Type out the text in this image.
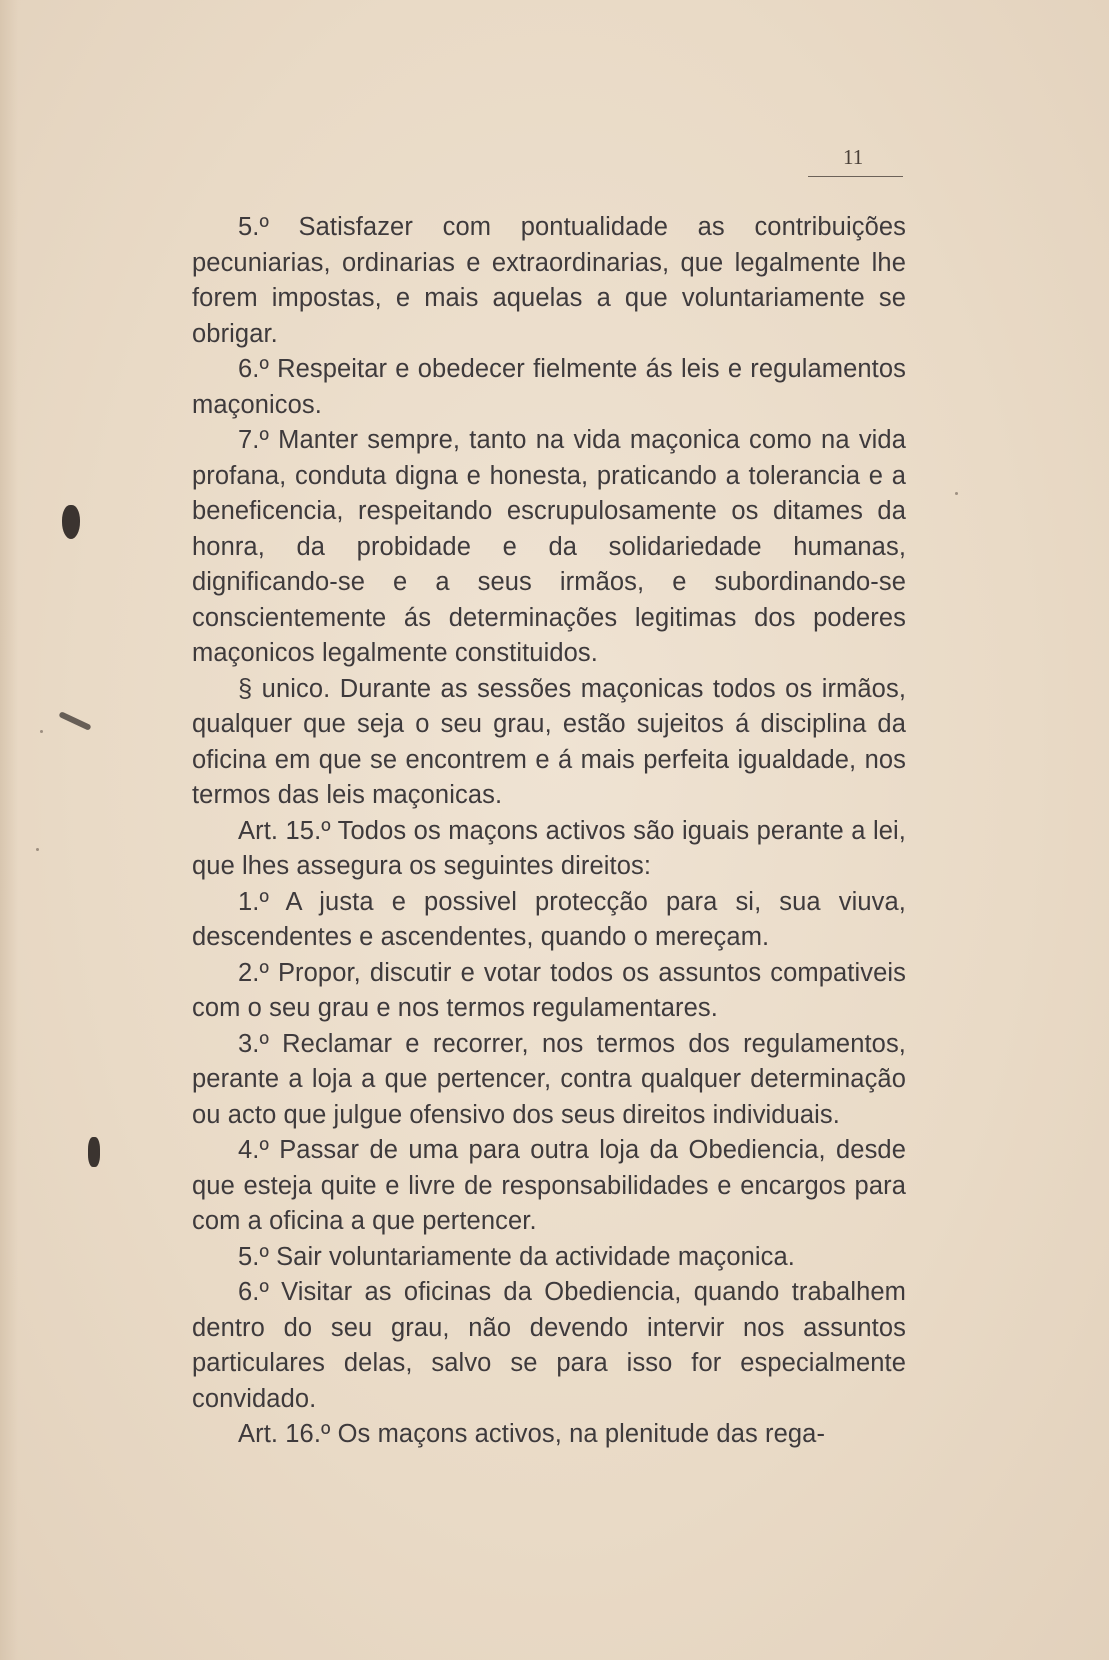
11

5.º Satisfazer com pontualidade as contribuições pecuniarias, ordinarias e extraordinarias, que legalmente lhe forem impostas, e mais aquelas a que voluntariamente se obrigar.

6.º Respeitar e obedecer fielmente ás leis e regulamentos maçonicos.

7.º Manter sempre, tanto na vida maçonica como na vida profana, conduta digna e honesta, praticando a tolerancia e a beneficencia, respeitando escrupulosamente os ditames da honra, da probidade e da solidariedade humanas, dignificando-se e a seus irmãos, e subordinando-se conscientemente ás determinações legitimas dos poderes maçonicos legalmente constituidos.

§ unico. Durante as sessões maçonicas todos os irmãos, qualquer que seja o seu grau, estão sujeitos á disciplina da oficina em que se encontrem e á mais perfeita igualdade, nos termos das leis maçonicas.

Art. 15.º Todos os maçons activos são iguais perante a lei, que lhes assegura os seguintes direitos:

1.º A justa e possivel protecção para si, sua viuva, descendentes e ascendentes, quando o mereçam.

2.º Propor, discutir e votar todos os assuntos compativeis com o seu grau e nos termos regulamentares.

3.º Reclamar e recorrer, nos termos dos regulamentos, perante a loja a que pertencer, contra qualquer determinação ou acto que julgue ofensivo dos seus direitos individuais.

4.º Passar de uma para outra loja da Obediencia, desde que esteja quite e livre de responsabilidades e encargos para com a oficina a que pertencer.

5.º Sair voluntariamente da actividade maçonica.

6.º Visitar as oficinas da Obediencia, quando trabalhem dentro do seu grau, não devendo intervir nos assuntos particulares delas, salvo se para isso for especialmente convidado.

Art. 16.º Os maçons activos, na plenitude das rega-
